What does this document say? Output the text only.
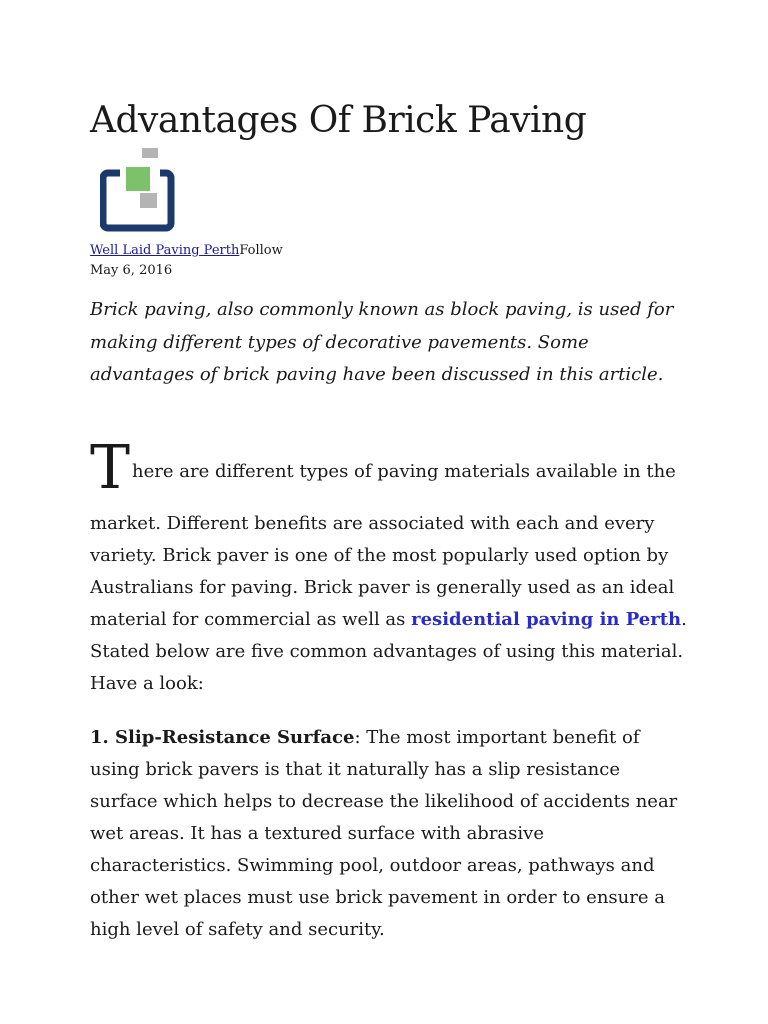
Advantages Of Brick Paving
Well Laid Paving PerthFollow
May 6, 2016

Brick paving, also commonly known as block paving, is used for making different types of decorative pavements. Some advantages of brick paving have been discussed in this article.

T here are different types of paving materials available in the
market. Different benefits are associated with each and every variety. Brick paver is one of the most popularly used option by Australians for paving. Brick paver is generally used as an ideal material for commercial as well as residential paving in Perth. Stated below are five common advantages of using this material. Have a look:

1. Slip-Resistance Surface: The most important benefit of using brick pavers is that it naturally has a slip resistance surface which helps to decrease the likelihood of accidents near wet areas. It has a textured surface with abrasive characteristics. Swimming pool, outdoor areas, pathways and other wet places must use brick pavement in order to ensure a high level of safety and security.
